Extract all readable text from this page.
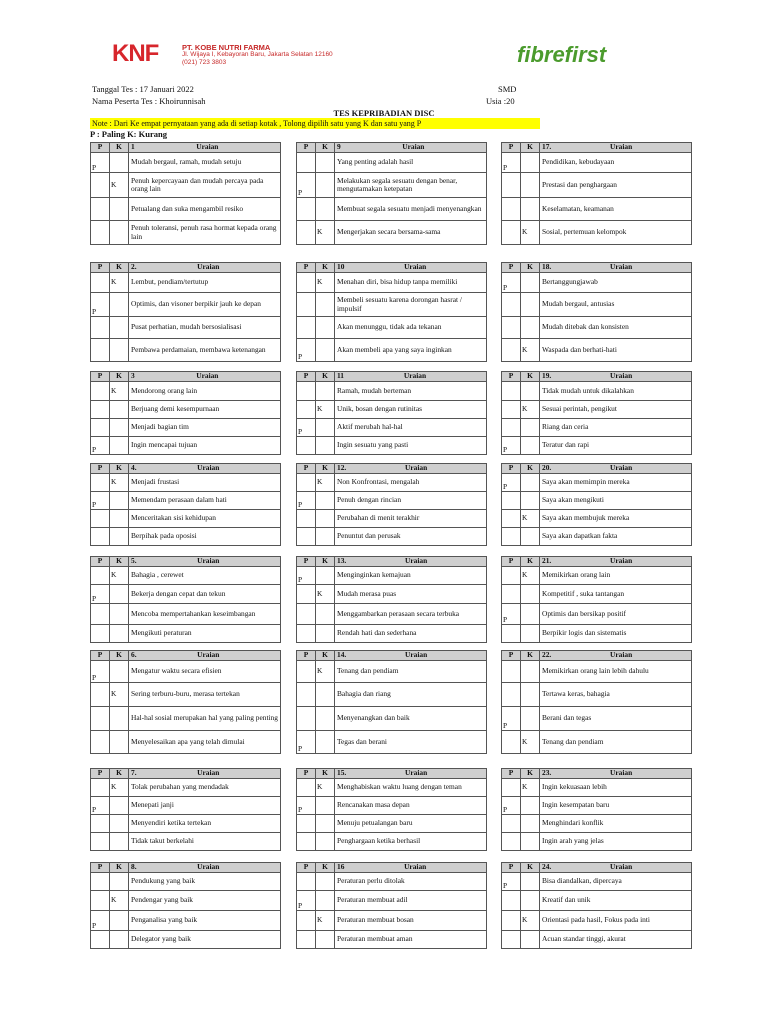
KNF	PT. KOBE NUTRI FARMA
Jl. Wijaya I, Kebayoran Baru, Jakarta Selatan 12160
(021) 723 3803	fibrefirst
Tanggal Tes : 17 Januari 2022
Nama Peserta Tes : Khoirunnisah
SMD
Usia :20
TES KEPRIBADIAN DISC
Note : Dari Ke empat pernyataan yang ada di setiap kotak , Tolong dipilih satu yang K dan satu yang P
P : Paling K: Kurang
P	K	1 Uraian
P		Mudah bergaul, ramah, mudah setuju
	K	Penuh kepercayaan dan mudah percaya pada orang lain
		Petualang dan suka mengambil resiko
		Penuh toleransi, penuh rasa hormat kepada orang lain
P	K	9 Uraian
		Yang penting adalah hasil
P		Melakukan segala sesuatu dengan benar, mengutamakan ketepatan
		Membuat segala sesuatu menjadi menyenangkan
	K	Mengerjakan secara bersama-sama
P	K	17. Uraian
P		Pendidikan, kebudayaan
		Prestasi dan penghargaan
		Keselamatan, keamanan
	K	Sosial, pertemuan kelompok
P	K	2. Uraian
	K	Lembut, pendiam/tertutup
P		Optimis, dan visoner berpikir jauh ke depan
		Pusat perhatian, mudah bersosialisasi
		Pembawa perdamaian, membawa ketenangan
P	K	10 Uraian
	K	Menahan diri, bisa hidup tanpa memiliki
		Membeli sesuatu karena dorongan hasrat / impulsif
		Akan menunggu, tidak ada tekanan
P		Akan membeli apa yang saya inginkan
P	K	18. Uraian
P		Bertanggungjawab
		Mudah bergaul, antusias
		Mudah ditebak dan konsisten
	K	Waspada dan berhati-hati
P	K	3 Uraian
	K	Mendorong orang lain
		Berjuang demi kesempurnaan
		Menjadi bagian tim
P		Ingin mencapai tujuan
P	K	11 Uraian
		Ramah, mudah berteman
	K	Unik, bosan dengan rutinitas
P		Aktif merubah hal-hal
		Ingin sesuatu yang pasti
P	K	19. Uraian
		Tidak mudah untuk dikalahkan
	K	Sesuai perintah, pengikut
		Riang dan ceria
P		Teratur dan rapi
P	K	4. Uraian
	K	Menjadi frustasi
P		Memendam perasaan dalam hati
		Menceritakan sisi kehidupan
		Berpihak pada oposisi
P	K	12. Uraian
	K	Non Konfrontasi, mengalah
P		Penuh dengan rincian
		Perubahan di menit terakhir
		Penuntut dan perusak
P	K	20. Uraian
P		Saya akan memimpin mereka
		Saya akan mengikuti
	K	Saya akan membujuk mereka
		Saya akan dapatkan fakta
P	K	5. Uraian
	K	Bahagia , cerewet
P		Bekerja dengan cepat dan tekun
		Mencoba mempertahankan keseimbangan
		Mengikuti peraturan
P	K	13. Uraian
P		Menginginkan kemajuan
	K	Mudah merasa puas
		Menggambarkan perasaan secara terbuka
		Rendah hati dan sederhana
P	K	21. Uraian
	K	Memikirkan orang lain
		Kompetitif , suka tantangan
P		Optimis dan bersikap positif
		Berpikir logis dan sistematis
P	K	6. Uraian
P		Mengatur waktu secara efisien
	K	Sering terburu-buru, merasa tertekan
		Hal-hal sosial merupakan hal yang paling penting
		Menyelesaikan apa yang telah dimulai
P	K	14. Uraian
	K	Tenang dan pendiam
		Bahagia dan riang
		Menyenangkan dan baik
P		Tegas dan berani
P	K	22. Uraian
		Memikirkan orang lain lebih dahulu
		Tertawa keras, bahagia
P		Berani dan tegas
	K	Tenang dan pendiam
P	K	7. Uraian
	K	Tolak perubahan yang mendadak
P		Menepati janji
		Menyendiri ketika tertekan
		Tidak takut berkelahi
P	K	15. Uraian
	K	Menghabiskan waktu luang dengan teman
P		Rencanakan masa depan
		Menuju petualangan baru
		Penghargaan ketika berhasil
P	K	23. Uraian
	K	Ingin kekuasaan lebih
P		Ingin kesempatan baru
		Menghindari konflik
		Ingin arah yang jelas
P	K	8. Uraian
		Pendukung yang baik
	K	Pendengar yang baik
P		Penganalisa yang baik
		Delegator yang baik
P	K	16 Uraian
		Peraturan perlu ditolak
P		Peraturan membuat adil
	K	Peraturan membuat bosan
		Peraturan membuat aman
P	K	24. Uraian
P		Bisa diandalkan, dipercaya
		Kreatif dan unik
	K	Orientasi pada hasil, Fokus pada inti
		Acuan standar tinggi, akurat
